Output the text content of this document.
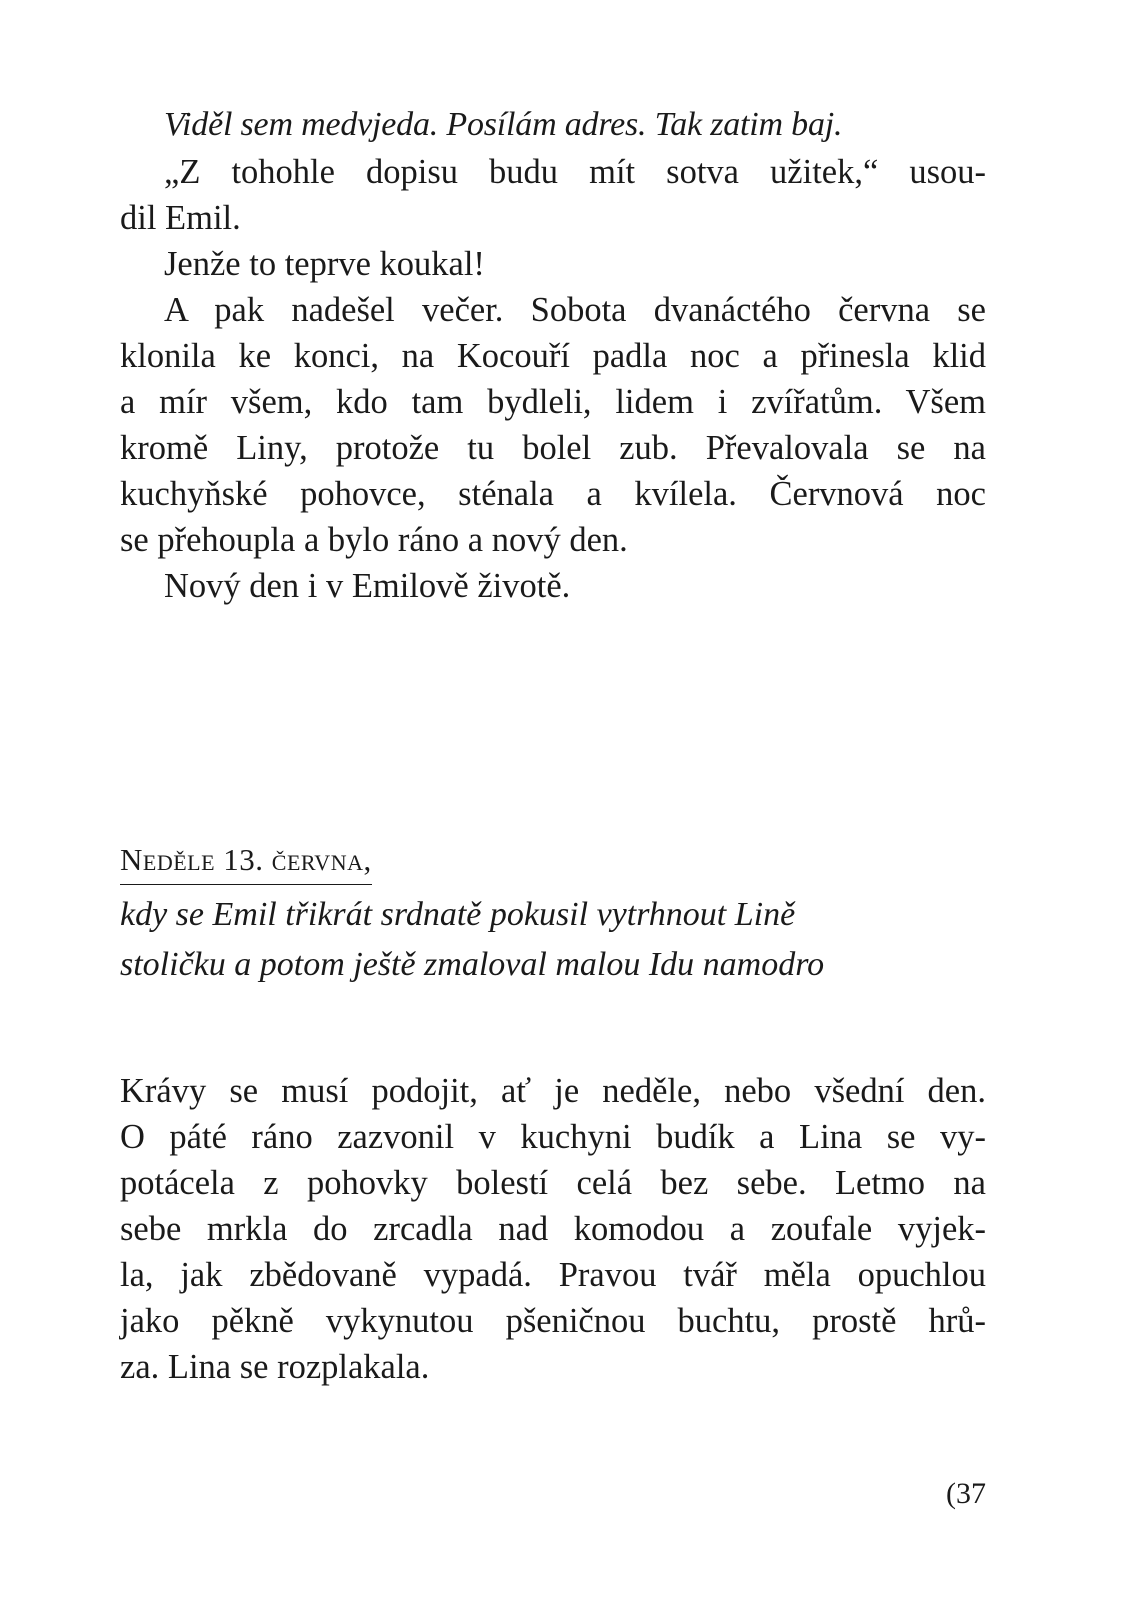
Viděl sem medvjeda. Posílám adres. Tak zatim baj.
„Z tohohle dopisu budu mít sotva užitek,“ usou-
dil Emil.
Jenže to teprve koukal!
A pak nadešel večer. Sobota dvanáctého června se
klonila ke konci, na Kocouří padla noc a přinesla klid
a mír všem, kdo tam bydleli, lidem i zvířatům. Všem
kromě Liny, protože tu bolel zub. Převalovala se na
kuchyňské pohovce, sténala a kvílela. Červnová noc
se přehoupla a bylo ráno a nový den.
Nový den i v Emilově životě.
Neděle 13. června,
kdy se Emil třikrát srdnatě pokusil vytrhnout Lině
stoličku a potom ještě zmaloval malou Idu namodro
Krávy se musí podojit, ať je neděle, nebo všední den.
O páté ráno zazvonil v kuchyni budík a Lina se vy-
potácela z pohovky bolestí celá bez sebe. Letmo na
sebe mrkla do zrcadla nad komodou a zoufale vyjek-
la, jak zbědovaně vypadá. Pravou tvář měla opuchlou
jako pěkně vykynutou pšeničnou buchtu, prostě hrů-
za. Lina se rozplakala.
(37
